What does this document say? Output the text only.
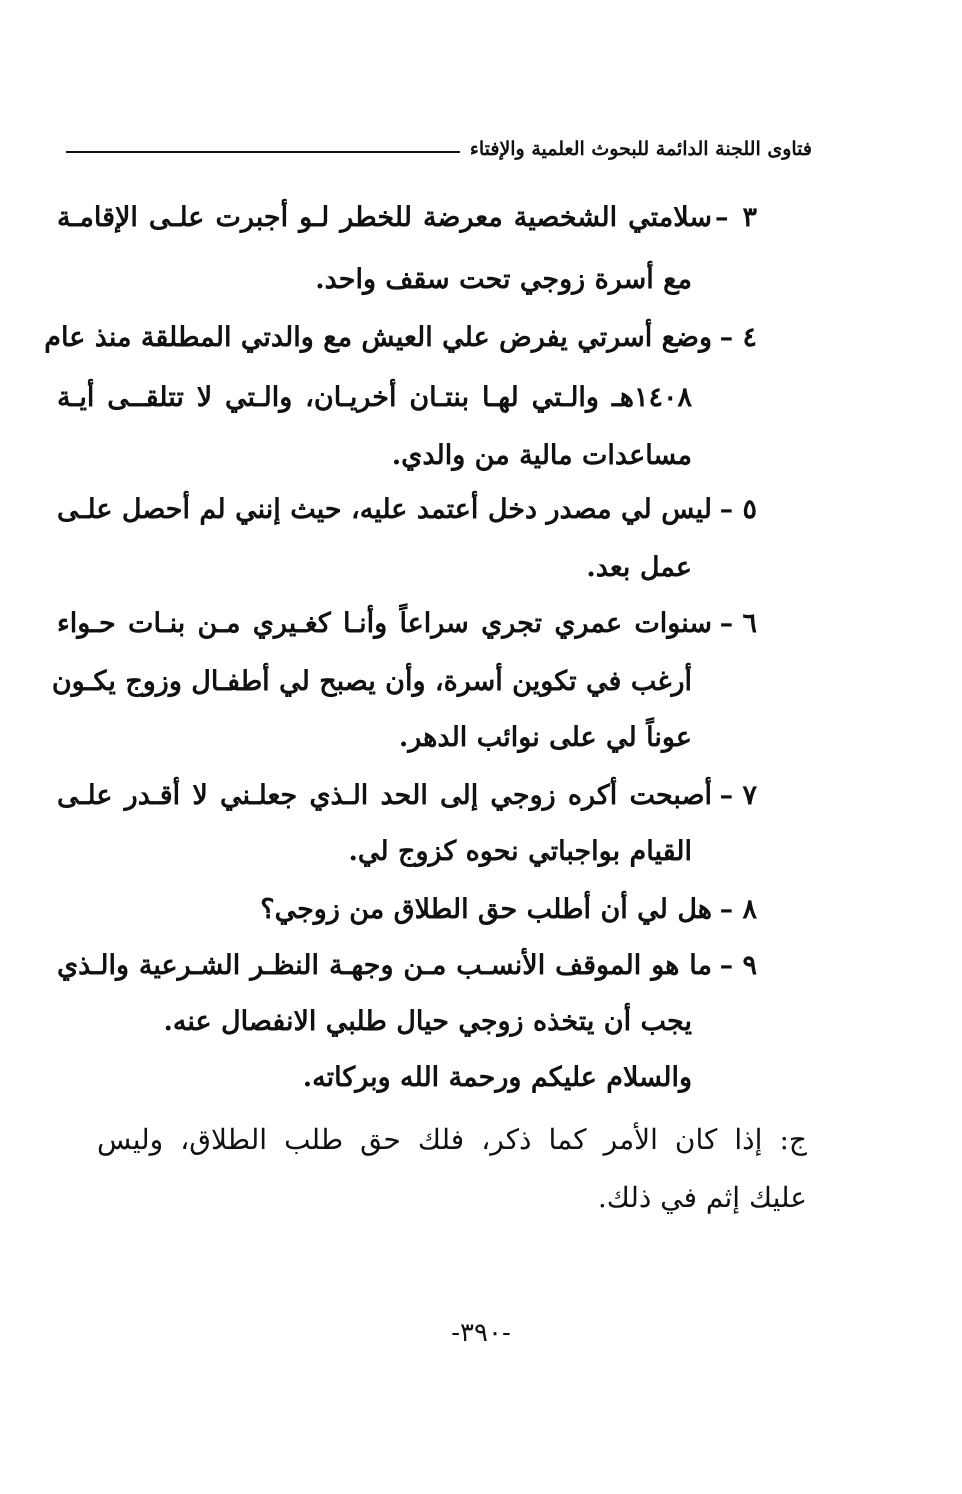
فتاوى اللجنة الدائمة للبحوث العلمية والإفتاء
٣ –
سلامتي الشخصية معرضة للخطر لـو أجبرت علـى الإقامـة
مع أسرة زوجي تحت سقف واحد.
٤ –
وضع أسرتي يفرض علي العيش مع والدتي المطلقة منذ عام
١٤٠٨هـ والـتي لهـا بنتـان أخريـان، والـتي لا تتلقــى أيـة
مساعدات مالية من والدي.
٥ –
ليس لي مصدر دخل أعتمد عليه، حيث إنني لم أحصل علـى
عمل بعد.
٦ –
سنوات عمري تجري سراعاً وأنـا كغـيري مـن بنـات حـواء
أرغب في تكوين أسرة، وأن يصبح لي أطفـال وزوج يكـون
عوناً لي على نوائب الدهر.
٧ –
أصبحت أكره زوجي إلى الحد الـذي جعلـني لا أقـدر علـى
القيام بواجباتي نحوه كزوج لي.
٨ –
هل لي أن أطلب حق الطلاق من زوجي؟
٩ –
ما هو الموقف الأنسـب مـن وجهـة النظـر الشـرعية والـذي
يجب أن يتخذه زوجي حيال طلبي الانفصال عنه.
والسلام عليكم ورحمة الله وبركاته.
ج: إذا كان الأمر كما ذكر، فلك حق طلب الطلاق، وليس
عليك إثم في ذلك.
-٣٩٠-
